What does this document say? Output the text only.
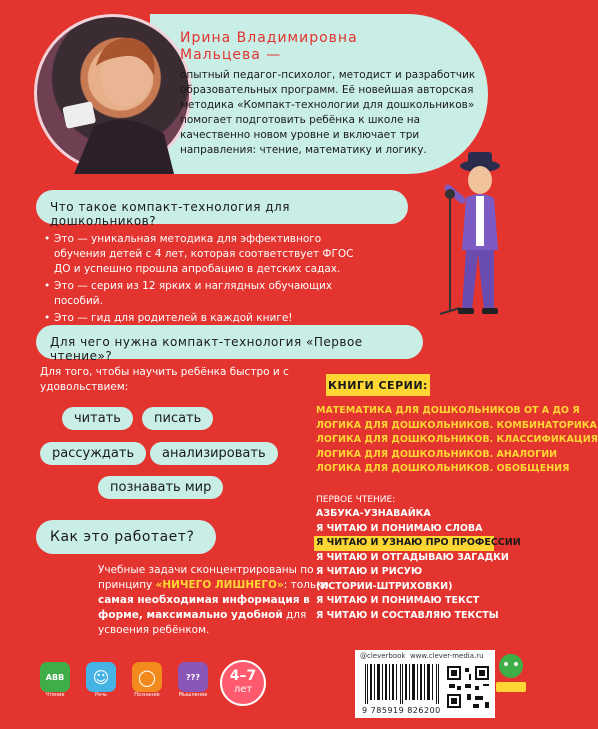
Ирина Владимировна
Мальцева —
опытный педагог-психолог, методист и разработчик образовательных программ. Её новейшая авторская методика «Компакт-технологии для дошкольников» помогает подготовить ребёнка к школе на качественно новом уровне и включает три направления: чтение, математику и логику.
Что такое компакт-технология для дошкольников?
• Это — уникальная методика для эффективного обучения детей с 4 лет, которая соответствует ФГОС ДО и успешно прошла апробацию в детских садах.
• Это — серия из 12 ярких и наглядных обучающих пособий.
• Это — гид для родителей в каждой книге!
Для чего нужна компакт-технология «Первое чтение»?
Для того, чтобы научить ребёнка быстро и с удовольствием:
читать	писать
рассуждать	анализировать
познавать мир
Как это работает?
Учебные задачи сконцентрированы по принципу «НИЧЕГО ЛИШНЕГО»: только самая необходимая информация в форме, максимально удобной для усвоения ребёнком.
КНИГИ СЕРИИ:
МАТЕМАТИКА ДЛЯ ДОШКОЛЬНИКОВ ОТ А ДО Я
ЛОГИКА ДЛЯ ДОШКОЛЬНИКОВ. КОМБИНАТОРИКА
ЛОГИКА ДЛЯ ДОШКОЛЬНИКОВ. КЛАССИФИКАЦИЯ
ЛОГИКА ДЛЯ ДОШКОЛЬНИКОВ. АНАЛОГИИ
ЛОГИКА ДЛЯ ДОШКОЛЬНИКОВ. ОБОБЩЕНИЯ
ПЕРВОЕ ЧТЕНИЕ:
АЗБУКА-УЗНАВАЙКА
Я ЧИТАЮ И ПОНИМАЮ СЛОВА
Я ЧИТАЮ И УЗНАЮ ПРО ПРОФЕССИИ
Я ЧИТАЮ И ОТГАДЫВАЮ ЗАГАДКИ
Я ЧИТАЮ И РИСУЮ
(ИСТОРИИ-ШТРИХОВКИ)
Я ЧИТАЮ И ПОНИМАЮ ТЕКСТ
Я ЧИТАЮ И СОСТАВЛЯЮ ТЕКСТЫ
ABB
Чтение
☺
Речь
◯
Познание
???
Мышление
4–7
лет
@cleverbook www.clever-media.ru
9 785919 826200
